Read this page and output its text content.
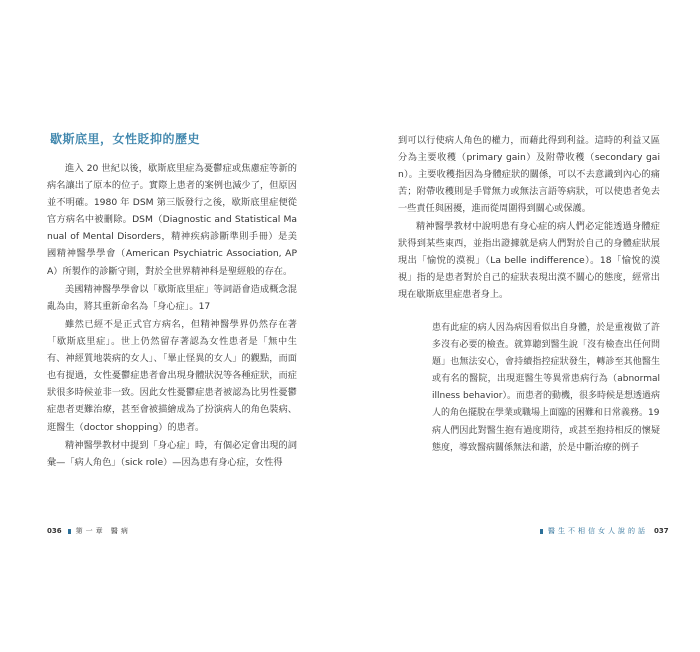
歇斯底里，女性貶抑的歷史

進入 20 世紀以後，歇斯底里症為憂鬱症或焦慮症等新的病名讓出了原本的位子。實際上患者的案例也減少了，但原因並不明確。1980 年 DSM 第三版發行之後，歇斯底里症便從官方病名中被刪除。DSM（Diagnostic and Statistical Manual of Mental Disorders，精神疾病診斷準則手冊）是美國精神醫學學會（American Psychiatric Association, APA）所製作的診斷守則，對於全世界精神科是聖經般的存在。

美國精神醫學學會以「歇斯底里症」等詞語會造成概念混亂為由，將其重新命名為「身心症」。17

雖然已經不是正式官方病名，但精神醫學界仍然存在著「歇斯底里症」。世上仍然留存著認為女性患者是「無中生有、神經質地裝病的女人」、「畢止怪異的女人」的觀點，而面也有提過，女性憂鬱症患者會出現身體狀況等各種症狀，而症狀很多時候並非一致。因此女性憂鬱症患者被認為比男性憂鬱症患者更難治療，甚至會被描繪成為了扮演病人的角色裝病、逛醫生（doctor shopping）的患者。

精神醫學教材中提到「身心症」時，有個必定會出現的詞彙—「病人角色」（sick role）—因為患有身心症，女性得

036 第一章 醫病

到可以行使病人角色的權力，而藉此得到利益。這時的利益又區分為主要收穫（primary gain）及附帶收穫（secondary gain）。主要收穫指因為身體症狀的關係，可以不去意識到內心的痛苦；附帶收穫則是手臂無力或無法言語等病狀，可以使患者免去一些責任與困擾，進而從周圍得到關心或保護。

精神醫學教材中說明患有身心症的病人們必定能透過身體症狀得到某些東西，並指出證據就是病人們對於自己的身體症狀展現出「愉悅的漠視」（La belle indifference）。18「愉悅的漠視」指的是患者對於自己的症狀表現出漠不關心的態度，經常出現在歇斯底里症患者身上。

患有此症的病人因為病因看似出自身體，於是重複做了許多沒有必要的檢查。就算聽到醫生說「沒有檢查出任何問題」也無法安心，會持續指控症狀發生，轉診至其他醫生或有名的醫院，出現逛醫生等異常患病行為（abnormal illness behavior）。而患者的動機，很多時候是想透過病人的角色擺脫在學業或職場上面臨的困難和日常義務。19

病人們因此對醫生抱有過度期待，或甚至抱持相反的懷疑態度，導致醫病關係無法和諧，於是中斷治療的例子

醫生不相信女人說的話 037
